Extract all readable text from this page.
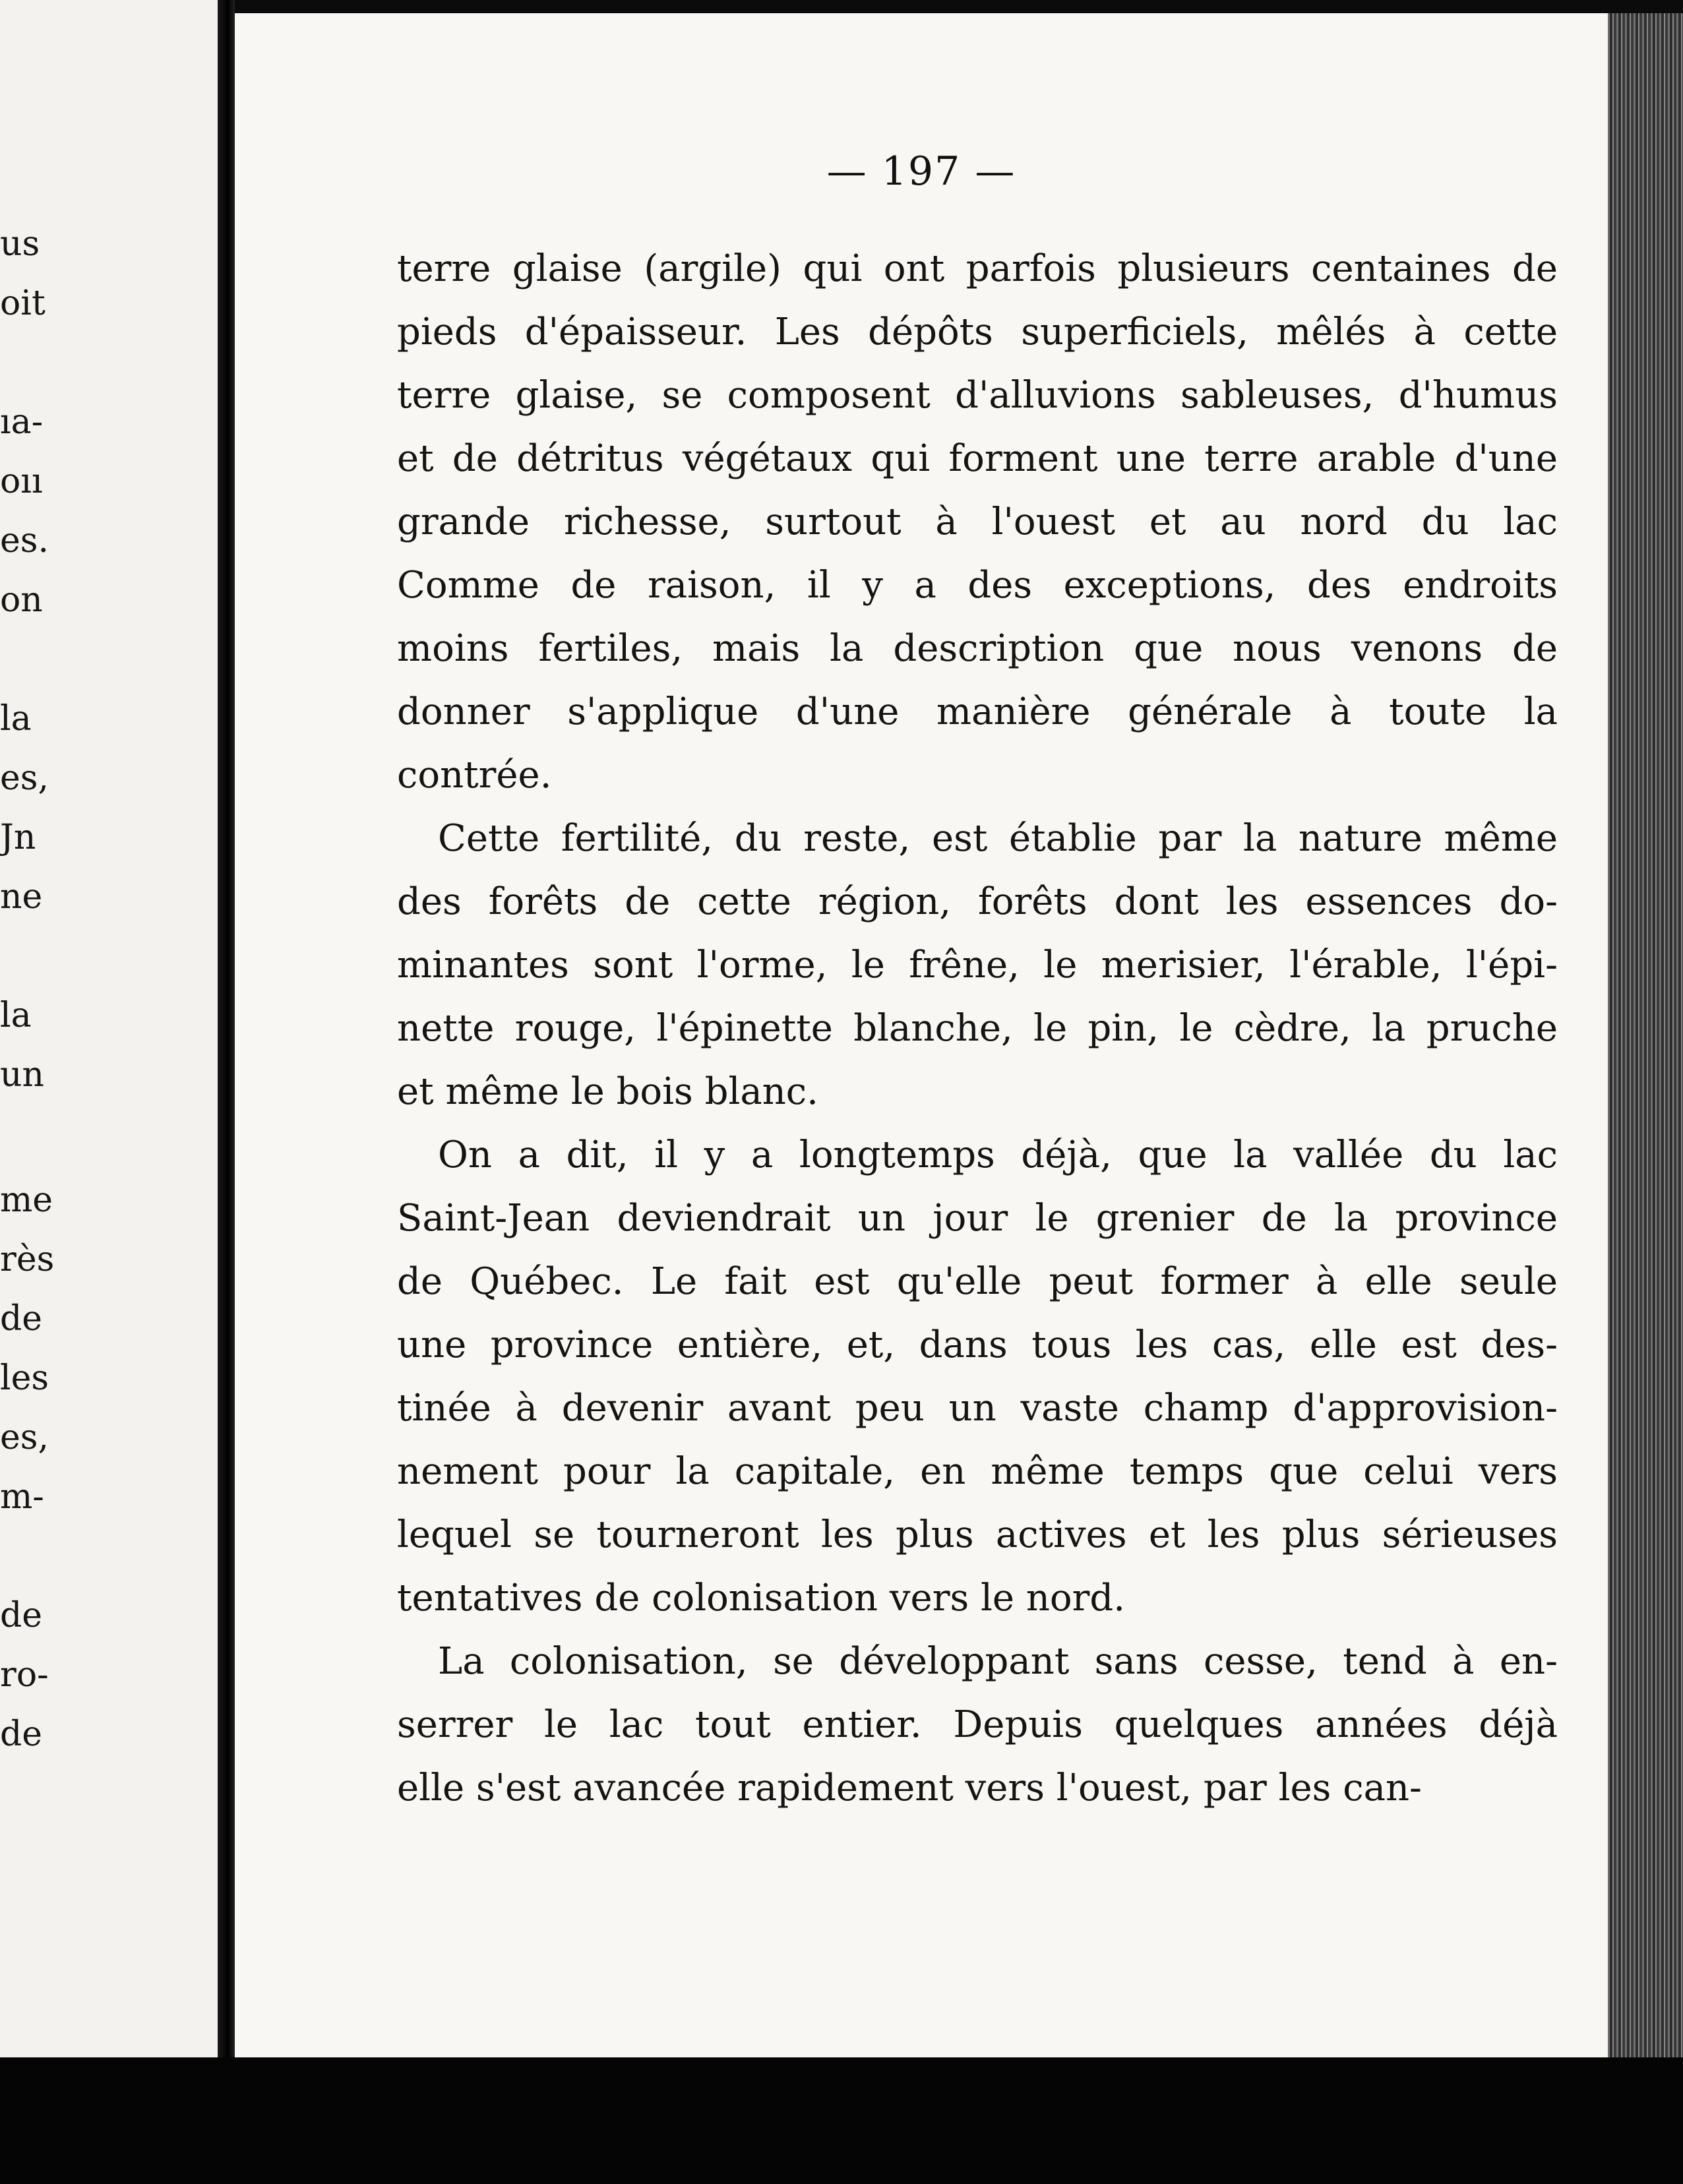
us
oit
ıa-
oıı
es.
on
la
es,
Jn
ne
la
un
me
rès
de
les
es,
m-
de
ro-
de
— 197 —
terre glaise (argile) qui ont parfois plusieurs centaines de
pieds d'épaisseur. Les dépôts superficiels, mêlés à cette
terre glaise, se composent d'alluvions sableuses, d'humus
et de détritus végétaux qui forment une terre arable d'une
grande richesse, surtout à l'ouest et au nord du lac
Comme de raison, il y a des exceptions, des endroits
moins fertiles, mais la description que nous venons de
donner s'applique d'une manière générale à toute la
contrée.
Cette fertilité, du reste, est établie par la nature même
des forêts de cette région, forêts dont les essences do-
minantes sont l'orme, le frêne, le merisier, l'érable, l'épi-
nette rouge, l'épinette blanche, le pin, le cèdre, la pruche
et même le bois blanc.
On a dit, il y a longtemps déjà, que la vallée du lac
Saint-Jean deviendrait un jour le grenier de la province
de Québec. Le fait est qu'elle peut former à elle seule
une province entière, et, dans tous les cas, elle est des-
tinée à devenir avant peu un vaste champ d'approvision-
nement pour la capitale, en même temps que celui vers
lequel se tourneront les plus actives et les plus sérieuses
tentatives de colonisation vers le nord.
La colonisation, se développant sans cesse, tend à en-
serrer le lac tout entier. Depuis quelques années déjà
elle s'est avancée rapidement vers l'ouest, par les can-
